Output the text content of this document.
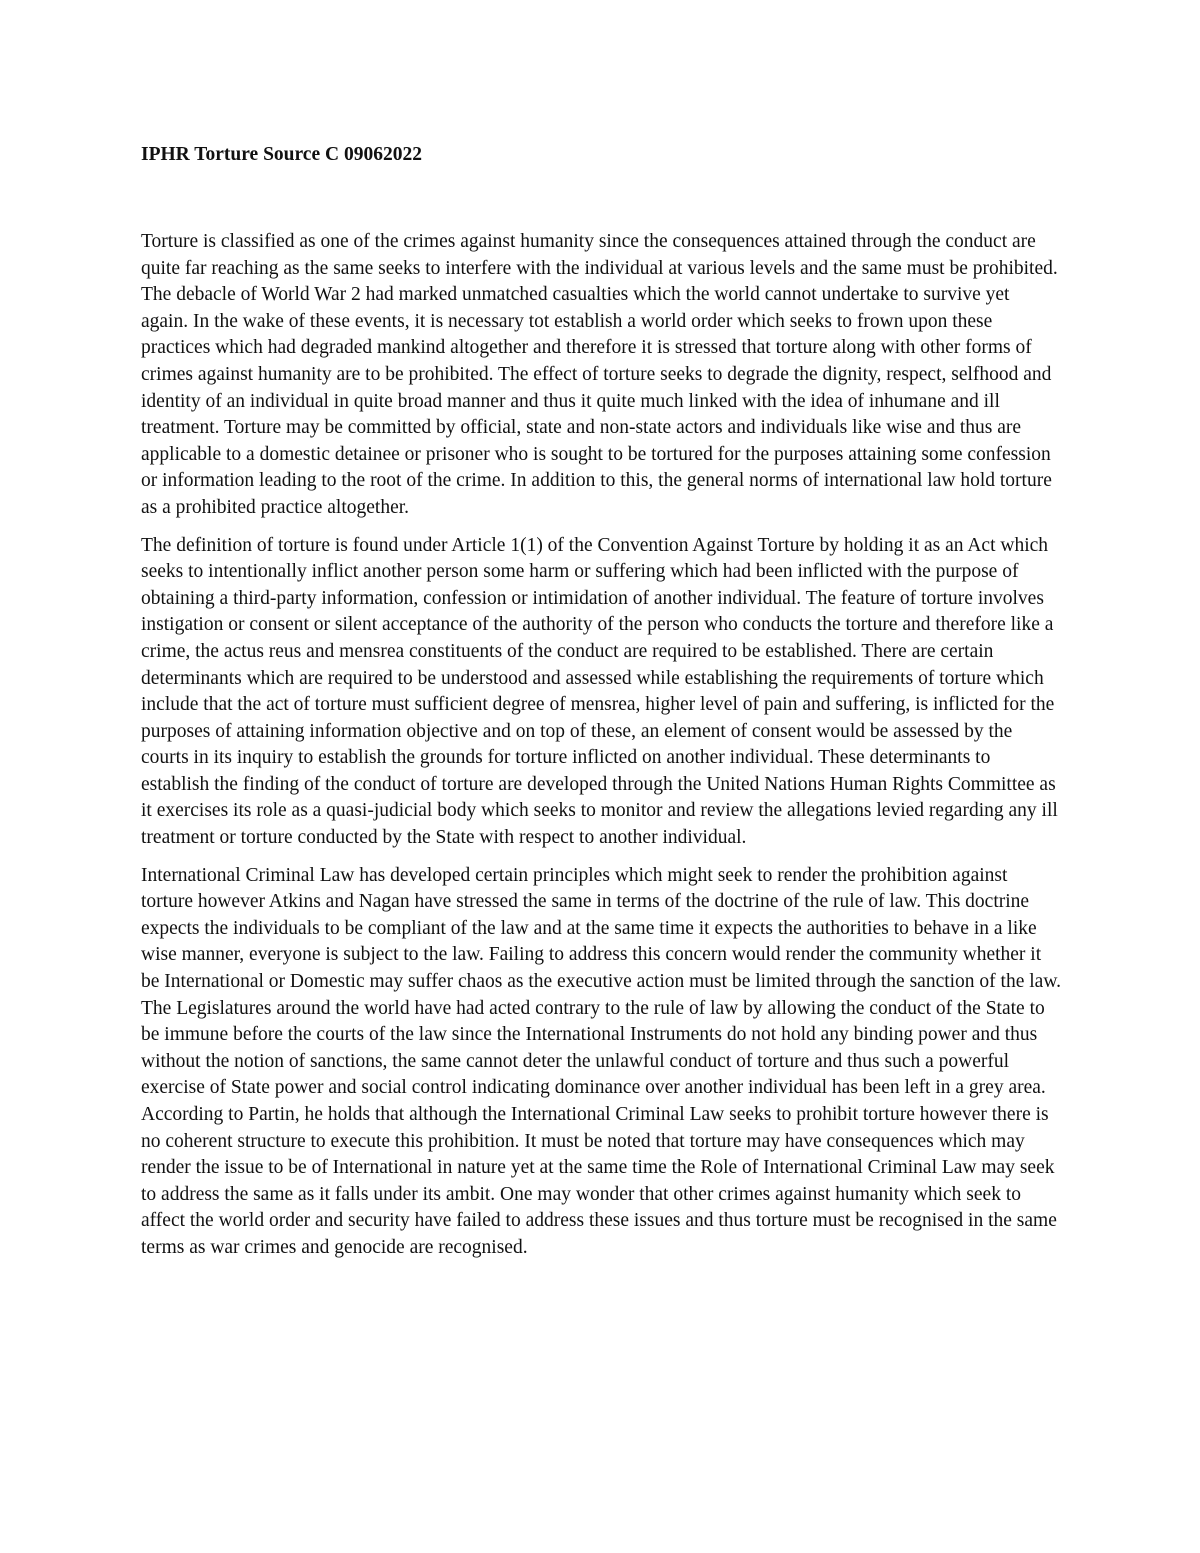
IPHR Torture Source C 09062022

Torture is classified as one of the crimes against humanity since the consequences attained through the conduct are quite far reaching as the same seeks to interfere with the individual at various levels and the same must be prohibited. The debacle of World War 2 had marked unmatched casualties which the world cannot undertake to survive yet again. In the wake of these events, it is necessary tot establish a world order which seeks to frown upon these practices which had degraded mankind altogether and therefore it is stressed that torture along with other forms of crimes against humanity are to be prohibited. The effect of torture seeks to degrade the dignity, respect, selfhood and identity of an individual in quite broad manner and thus it quite much linked with the idea of inhumane and ill treatment. Torture may be committed by official, state and non-state actors and individuals like wise and thus are applicable to a domestic detainee or prisoner who is sought to be tortured for the purposes attaining some confession or information leading to the root of the crime. In addition to this, the general norms of international law hold torture as a prohibited practice altogether.

The definition of torture is found under Article 1(1) of the Convention Against Torture by holding it as an Act which seeks to intentionally inflict another person some harm or suffering which had been inflicted with the purpose of obtaining a third-party information, confession or intimidation of another individual. The feature of torture involves instigation or consent or silent acceptance of the authority of the person who conducts the torture and therefore like a crime, the actus reus and mensrea constituents of the conduct are required to be established. There are certain determinants which are required to be understood and assessed while establishing the requirements of torture which include that the act of torture must sufficient degree of mensrea, higher level of pain and suffering, is inflicted for the purposes of attaining information objective and on top of these, an element of consent would be assessed by the courts in its inquiry to establish the grounds for torture inflicted on another individual. These determinants to establish the finding of the conduct of torture are developed through the United Nations Human Rights Committee as it exercises its role as a quasi-judicial body which seeks to monitor and review the allegations levied regarding any ill treatment or torture conducted by the State with respect to another individual.

International Criminal Law has developed certain principles which might seek to render the prohibition against torture however Atkins and Nagan have stressed the same in terms of the doctrine of the rule of law. This doctrine expects the individuals to be compliant of the law and at the same time it expects the authorities to behave in a like wise manner, everyone is subject to the law. Failing to address this concern would render the community whether it be International or Domestic may suffer chaos as the executive action must be limited through the sanction of the law. The Legislatures around the world have had acted contrary to the rule of law by allowing the conduct of the State to be immune before the courts of the law since the International Instruments do not hold any binding power and thus without the notion of sanctions, the same cannot deter the unlawful conduct of torture and thus such a powerful exercise of State power and social control indicating dominance over another individual has been left in a grey area. According to Partin, he holds that although the International Criminal Law seeks to prohibit torture however there is no coherent structure to execute this prohibition. It must be noted that torture may have consequences which may render the issue to be of International in nature yet at the same time the Role of International Criminal Law may seek to address the same as it falls under its ambit. One may wonder that other crimes against humanity which seek to affect the world order and security have failed to address these issues and thus torture must be recognised in the same terms as war crimes and genocide are recognised.
